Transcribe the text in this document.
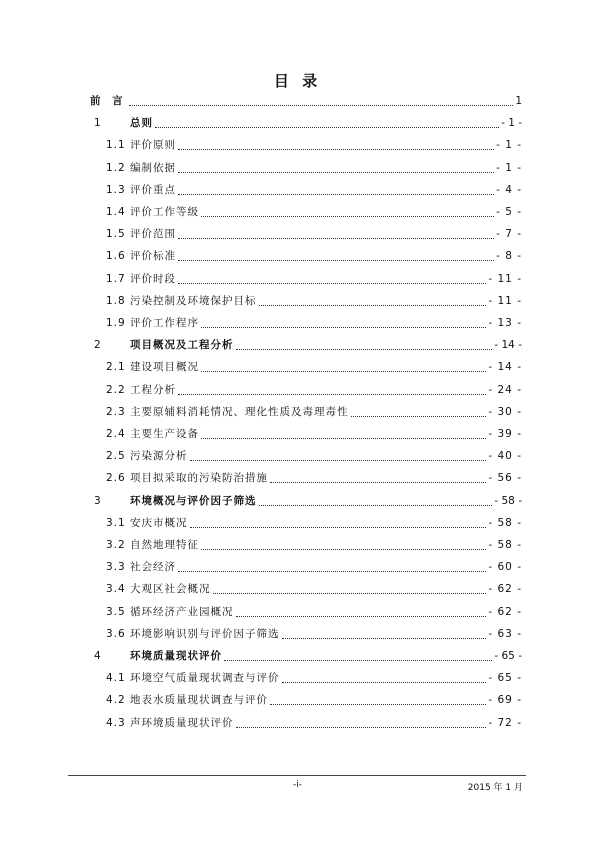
目 录
前 言	1
1	总则	- 1 -
1.1 评价原则	- 1 -
1.2 编制依据	- 1 -
1.3 评价重点	- 4 -
1.4 评价工作等级	- 5 -
1.5 评价范围	- 7 -
1.6 评价标准	- 8 -
1.7 评价时段	- 11 -
1.8 污染控制及环境保护目标	- 11 -
1.9 评价工作程序	- 13 -
2	项目概况及工程分析	- 14 -
2.1 建设项目概况	- 14 -
2.2 工程分析	- 24 -
2.3 主要原辅料消耗情况、理化性质及毒理毒性	- 30 -
2.4 主要生产设备	- 39 -
2.5 污染源分析	- 40 -
2.6 项目拟采取的污染防治措施	- 56 -
3	环境概况与评价因子筛选	- 58 -
3.1 安庆市概况	- 58 -
3.2 自然地理特征	- 58 -
3.3 社会经济	- 60 -
3.4 大观区社会概况	- 62 -
3.5 循环经济产业园概况	- 62 -
3.6 环境影响识别与评价因子筛选	- 63 -
4	环境质量现状评价	- 65 -
4.1 环境空气质量现状调查与评价	- 65 -
4.2 地表水质量现状调查与评价	- 69 -
4.3 声环境质量现状评价	- 72 -
-i-	2015 年 1 月
